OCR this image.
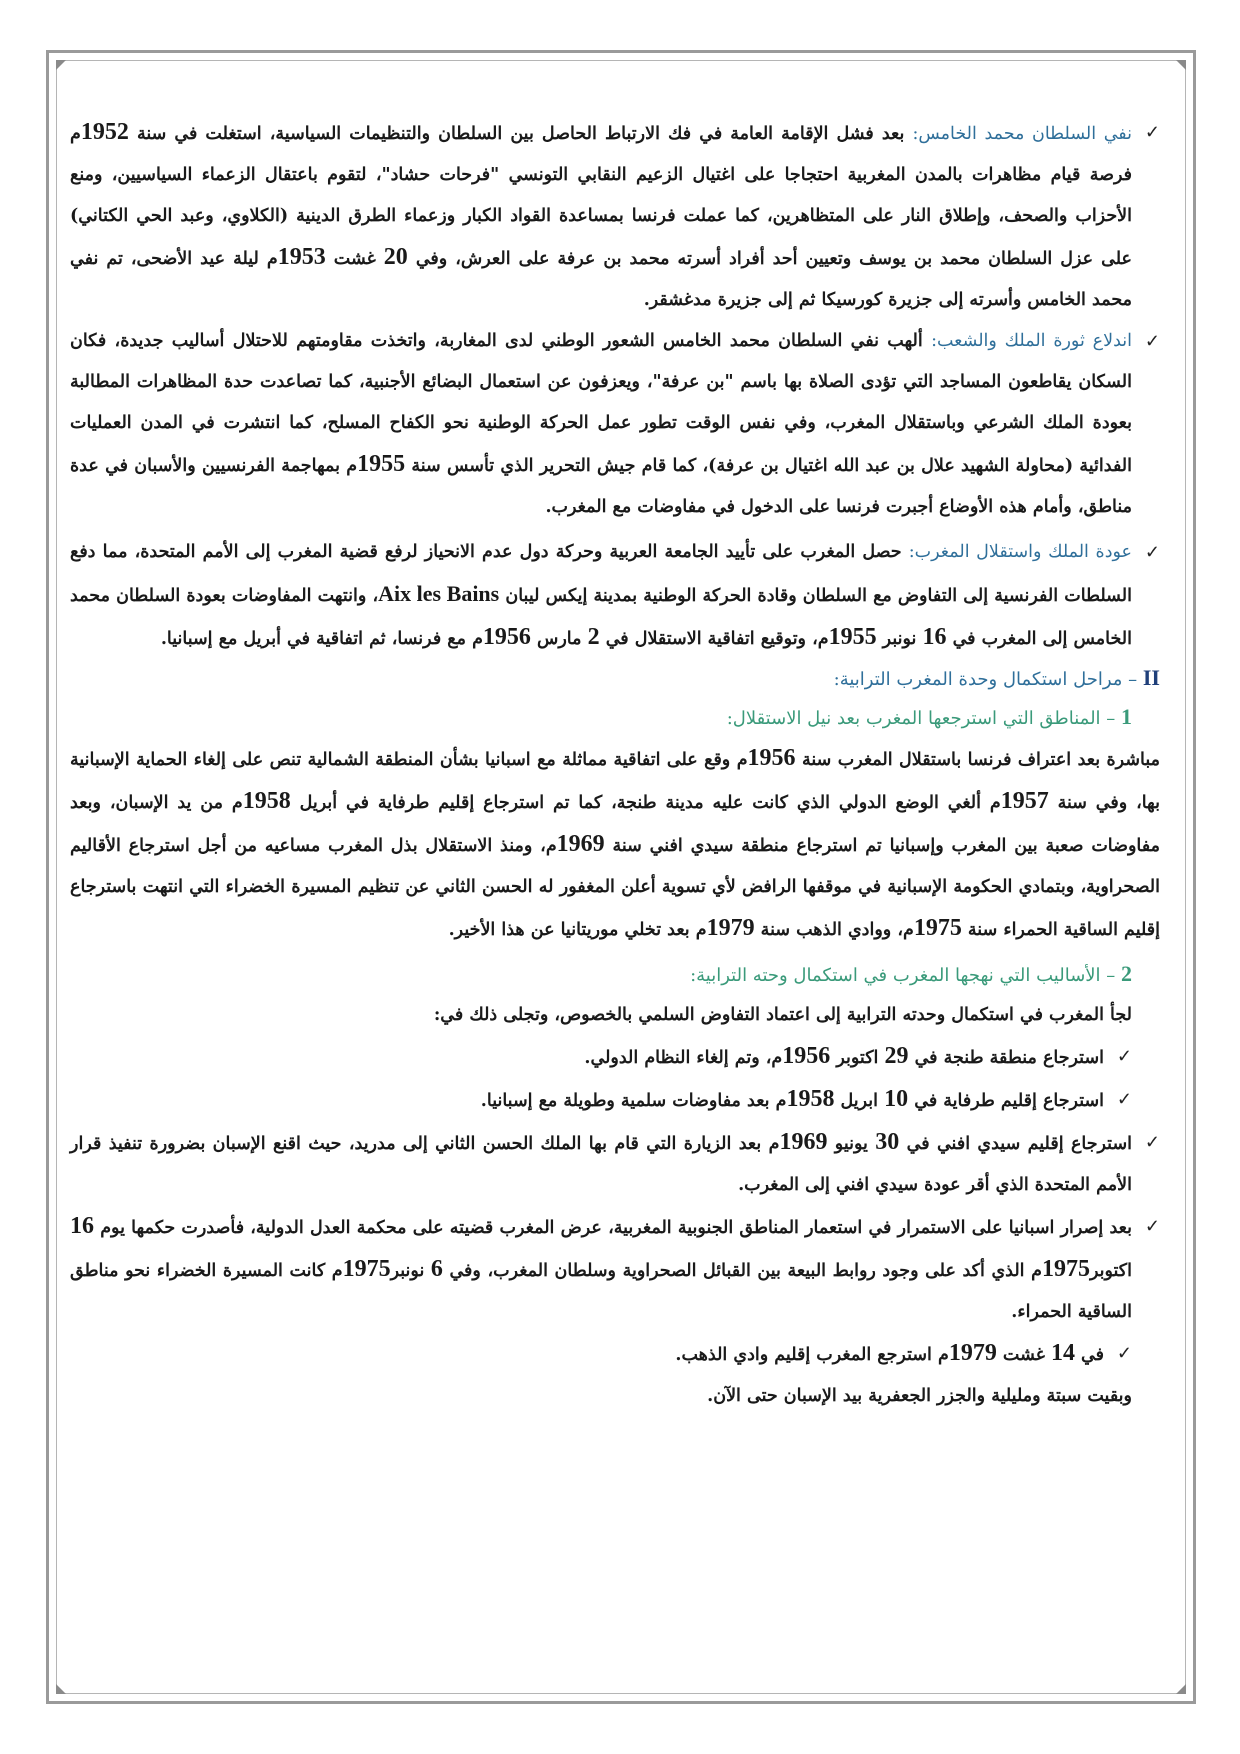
✓
نفي السلطان محمد الخامس: بعد فشل الإقامة العامة في فك الارتباط الحاصل بين السلطان والتنظيمات السياسية، استغلت في سنة 1952م فرصة قيام مظاهرات بالمدن المغربية احتجاجا على اغتيال الزعيم النقابي التونسي "فرحات حشاد"، لتقوم باعتقال الزعماء السياسيين، ومنع الأحزاب والصحف، وإطلاق النار على المتظاهرين، كما عملت فرنسا بمساعدة القواد الكبار وزعماء الطرق الدينية (الكلاوي، وعبد الحي الكتاني) على عزل السلطان محمد بن يوسف وتعيين أحد أفراد أسرته محمد بن عرفة على العرش، وفي 20 غشت 1953م ليلة عيد الأضحى، تم نفي محمد الخامس وأسرته إلى جزيرة كورسيكا ثم إلى جزيرة مدغشقر.
✓
اندلاع ثورة الملك والشعب: ألهب نفي السلطان محمد الخامس الشعور الوطني لدى المغاربة، واتخذت مقاومتهم للاحتلال أساليب جديدة، فكان السكان يقاطعون المساجد التي تؤدى الصلاة بها باسم "بن عرفة"، ويعزفون عن استعمال البضائع الأجنبية، كما تصاعدت حدة المظاهرات المطالبة بعودة الملك الشرعي وباستقلال المغرب، وفي نفس الوقت تطور عمل الحركة الوطنية نحو الكفاح المسلح، كما انتشرت في المدن العمليات الفدائية (محاولة الشهيد علال بن عبد الله اغتيال بن عرفة)، كما قام جيش التحرير الذي تأسس سنة 1955م بمهاجمة الفرنسيين والأسبان في عدة مناطق، وأمام هذه الأوضاع أجبرت فرنسا على الدخول في مفاوضات مع المغرب.
✓
عودة الملك واستقلال المغرب: حصل المغرب على تأييد الجامعة العربية وحركة دول عدم الانحياز لرفع قضية المغرب إلى الأمم المتحدة، مما دفع السلطات الفرنسية إلى التفاوض مع السلطان وقادة الحركة الوطنية بمدينة إيكس ليبان Aix les Bains، وانتهت المفاوضات بعودة السلطان محمد الخامس إلى المغرب في 16 نونبر 1955م، وتوقيع اتفاقية الاستقلال في 2 مارس 1956م مع فرنسا، ثم اتفاقية في أبريل مع إسبانيا.
II – مراحل استكمال وحدة المغرب الترابية:
1 – المناطق التي استرجعها المغرب بعد نيل الاستقلال:
مباشرة بعد اعتراف فرنسا باستقلال المغرب سنة 1956م وقع على اتفاقية مماثلة مع اسبانيا بشأن المنطقة الشمالية تنص على إلغاء الحماية الإسبانية بها، وفي سنة 1957م ألغي الوضع الدولي الذي كانت عليه مدينة طنجة، كما تم استرجاع إقليم طرفاية في أبريل 1958م من يد الإسبان، وبعد مفاوضات صعبة بين المغرب وإسبانيا تم استرجاع منطقة سيدي افني سنة 1969م، ومنذ الاستقلال بذل المغرب مساعيه من أجل استرجاع الأقاليم الصحراوية، وبتمادي الحكومة الإسبانية في موقفها الرافض لأي تسوية أعلن المغفور له الحسن الثاني عن تنظيم المسيرة الخضراء التي انتهت باسترجاع إقليم الساقية الحمراء سنة 1975م، ووادي الذهب سنة 1979م بعد تخلي موريتانيا عن هذا الأخير.
2 – الأساليب التي نهجها المغرب في استكمال وحته الترابية:
لجأ المغرب في استكمال وحدته الترابية إلى اعتماد التفاوض السلمي بالخصوص، وتجلى ذلك في:
✓
استرجاع منطقة طنجة في 29 اكتوبر 1956م، وتم إلغاء النظام الدولي.
✓
استرجاع إقليم طرفاية في 10 ابريل 1958م بعد مفاوضات سلمية وطويلة مع إسبانيا.
✓
استرجاع إقليم سيدي افني في 30 يونيو 1969م بعد الزيارة التي قام بها الملك الحسن الثاني إلى مدريد، حيث اقنع الإسبان بضرورة تنفيذ قرار الأمم المتحدة الذي أقر عودة سيدي افني إلى المغرب.
✓
بعد إصرار اسبانيا على الاستمرار في استعمار المناطق الجنوبية المغربية، عرض المغرب قضيته على محكمة العدل الدولية، فأصدرت حكمها يوم 16 اكتوبر1975م الذي أكد على وجود روابط البيعة بين القبائل الصحراوية وسلطان المغرب، وفي 6 نونبر1975م كانت المسيرة الخضراء نحو مناطق الساقية الحمراء.
✓
في 14 غشت 1979م استرجع المغرب إقليم وادي الذهب.
وبقيت سبتة ومليلية والجزر الجعفرية بيد الإسبان حتى الآن.
